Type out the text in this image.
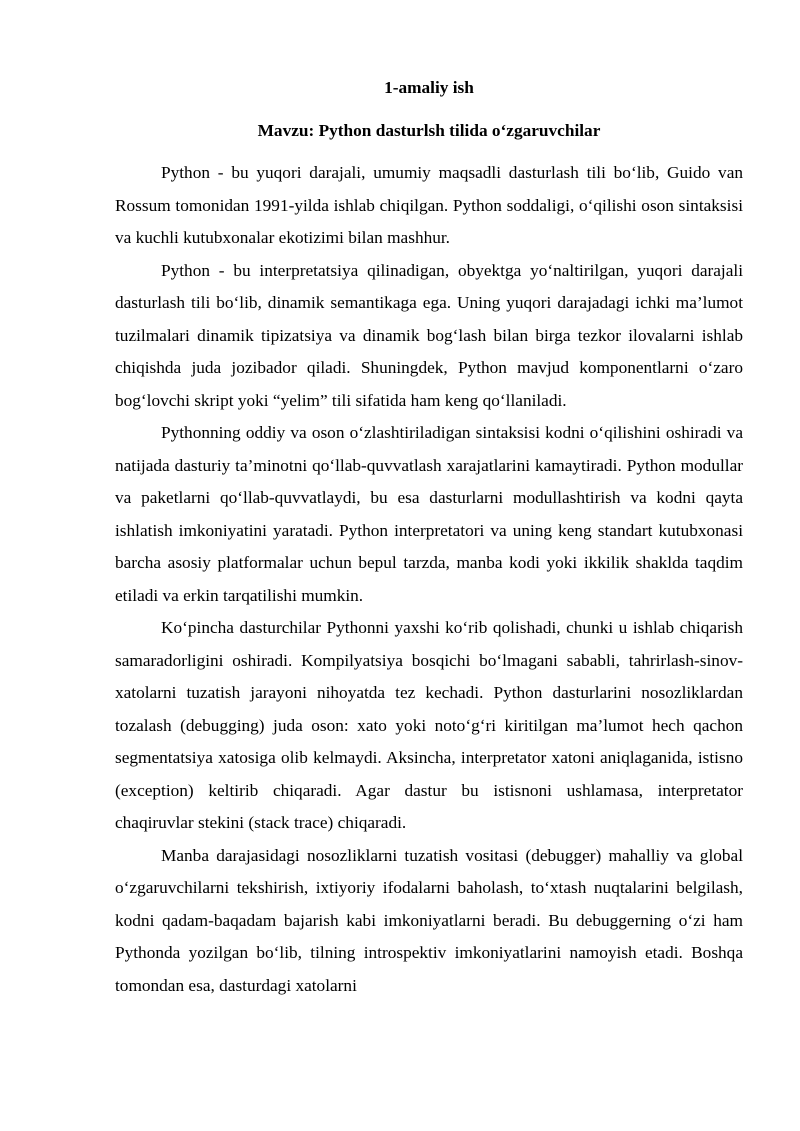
1-amaliy ish

Mavzu: Python dasturlsh tilida o‘zgaruvchilar

Python - bu yuqori darajali, umumiy maqsadli dasturlash tili bo‘lib, Guido van Rossum tomonidan 1991-yilda ishlab chiqilgan. Python soddaligi, o‘qilishi oson sintaksisi va kuchli kutubxonalar ekotizimi bilan mashhur.

Python - bu interpretatsiya qilinadigan, obyektga yo‘naltirilgan, yuqori darajali dasturlash tili bo‘lib, dinamik semantikaga ega. Uning yuqori darajadagi ichki ma’lumot tuzilmalari dinamik tipizatsiya va dinamik bog‘lash bilan birga tezkor ilovalarni ishlab chiqishda juda jozibador qiladi. Shuningdek, Python mavjud komponentlarni o‘zaro bog‘lovchi skript yoki “yelim” tili sifatida ham keng qo‘llaniladi.

Pythonning oddiy va oson o‘zlashtiriladigan sintaksisi kodni o‘qilishini oshiradi va natijada dasturiy ta’minotni qo‘llab-quvvatlash xarajatlarini kamaytiradi. Python modullar va paketlarni qo‘llab-quvvatlaydi, bu esa dasturlarni modullashtirish va kodni qayta ishlatish imkoniyatini yaratadi. Python interpretatori va uning keng standart kutubxonasi barcha asosiy platformalar uchun bepul tarzda, manba kodi yoki ikkilik shaklda taqdim etiladi va erkin tarqatilishi mumkin.

Ko‘pincha dasturchilar Pythonni yaxshi ko‘rib qolishadi, chunki u ishlab chiqarish samaradorligini oshiradi. Kompilyatsiya bosqichi bo‘lmagani sababli, tahrirlash-sinov-xatolarni tuzatish jarayoni nihoyatda tez kechadi. Python dasturlarini nosozliklardan tozalash (debugging) juda oson: xato yoki noto‘g‘ri kiritilgan ma’lumot hech qachon segmentatsiya xatosiga olib kelmaydi. Aksincha, interpretator xatoni aniqlaganida, istisno (exception) keltirib chiqaradi. Agar dastur bu istisnoni ushlamasa, interpretator chaqiruvlar stekini (stack trace) chiqaradi.

Manba darajasidagi nosozliklarni tuzatish vositasi (debugger) mahalliy va global o‘zgaruvchilarni tekshirish, ixtiyoriy ifodalarni baholash, to‘xtash nuqtalarini belgilash, kodni qadam-baqadam bajarish kabi imkoniyatlarni beradi. Bu debuggerning o‘zi ham Pythonda yozilgan bo‘lib, tilning introspektiv imkoniyatlarini namoyish etadi. Boshqa tomondan esa, dasturdagi xatolarni
